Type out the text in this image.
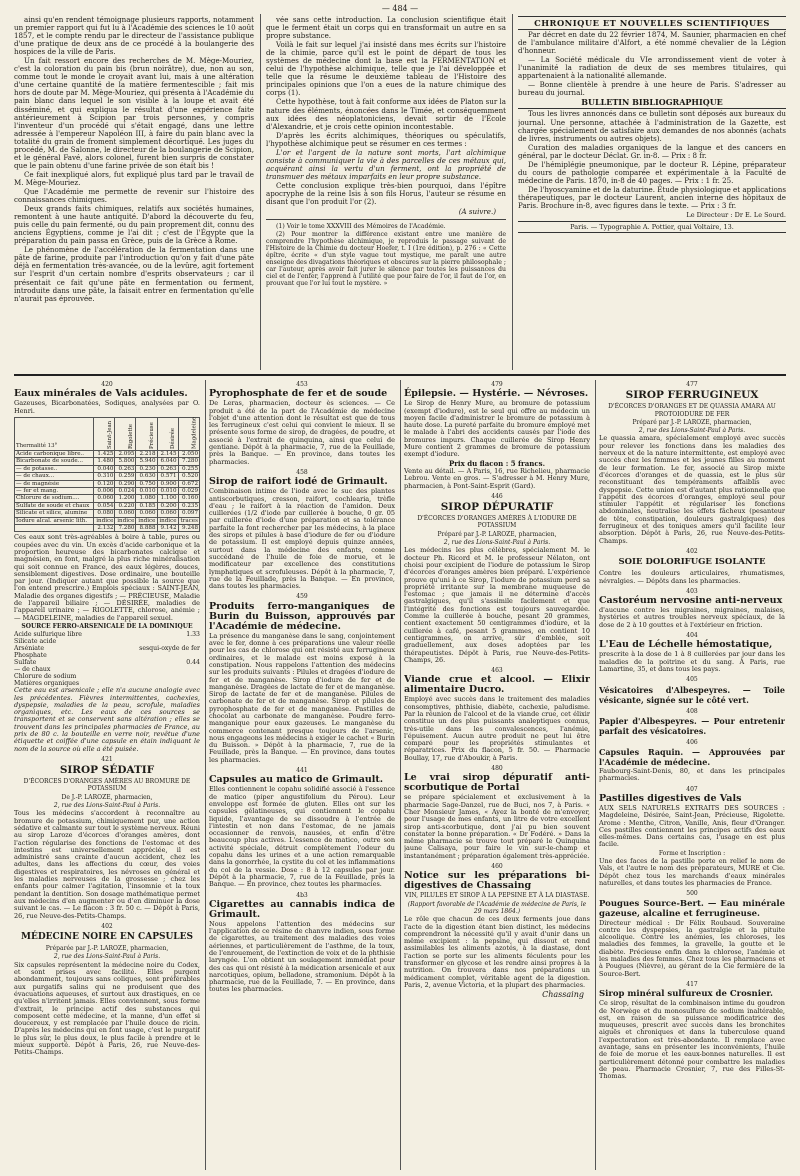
— 484 —

ainsi qu'en rendent témoignage plusieurs rapports, notamment un premier rapport qui fut lu à l'Académie des sciences le 10 août 1857, et le compte rendu par le directeur de l'assistance publique d'une pratique de deux ans de ce procédé à la boulangerie des hospices de la ville de Paris.

Un fait ressort encore des recherches de M. Mège-Mouriez, c'est la coloration du pain bis (brun noirâtre), due, non au son, comme tout le monde le croyait avant lui, mais à une altération d'une certaine quantité de la matière fermentescible ; fait mis hors de doute par M. Mège-Mouriez, qui présenta à l'Académie du pain blanc dans lequel le son visible à la loupe et avait été disséminé, et qui expliqua le résultat d'une expérience faite antérieurement à Scipion par trois personnes, y compris l'inventeur d'un procédé qui s'était engagé, dans une lettre adressée à l'empereur Napoléon III, à faire du pain blanc avec la totalité du grain de froment simplement décortiqué. Les juges du procédé, M. de Salonne, le directeur de la boulangerie de Scipion, et le général Favé, alors colonel, furent bien surpris de constater que le pain obtenu d'une farine privée de son était bis !

Ce fait inexpliqué alors, fut expliqué plus tard par le travail de M. Mège-Mouriez.

Que l'Académie me permette de revenir sur l'histoire des connaissances chimiques.

Deux grands faits chimiques, relatifs aux sociétés humaines, remontent à une haute antiquité. D'abord la découverte du feu, puis celle du pain fermenté, ou du pain proprement dit, connu des anciens Égyptiens, comme je l'ai dit ; c'est de l'Égypte que la préparation du pain passa en Grèce, puis de la Grèce à Rome.

Le phénomène de l'accélération de la fermentation dans une pâte de farine, produite par l'introduction qu'on y fait d'une pâte déjà en fermentation très-avancée, ou de la levûre, agit fortement sur l'esprit d'un certain nombre d'esprits observateurs ; car il présentait ce fait qu'une pâte en fermentation ou ferment, introduite dans une pâte, la faisait entrer en fermentation qu'elle n'aurait pas éprouvée.

vée sans cette introduction. La conclusion scientifique était que le ferment était un corps qui en transformait un autre en sa propre substance.

Voilà le fait sur lequel j'ai insisté dans mes écrits sur l'histoire de la chimie, parce qu'il est le point de départ de tous les systèmes de médecine dont la base est la FERMENTATION et celui de l'hypothèse alchimique, telle que je l'ai développée et telle que la résume le deuxième tableau de l'Histoire des principales opinions que l'on a eues de la nature chimique des corps (1).

Cette hypothèse, tout à fait conforme aux idées de Platon sur la nature des éléments, énoncées dans le Timée, et conséquemment aux idées des néoplatoniciens, devait sortir de l'École d'Alexandrie, et je crois cette opinion incontestable.

D'après les écrits alchimiques, théoriques ou spéculatifs, l'hypothèse alchimique peut se résumer en ces termes :

L'or et l'argent de la nature sont morts, l'art alchimique consiste à communiquer la vie à des parcelles de ces métaux qui, acquérant ainsi la vertu d'un ferment, ont la propriété de transmuer des métaux imparfaits en leur propre substance.

Cette conclusion explique très-bien pourquoi, dans l'épître apocryphe de la reine Isis à son fils Horus, l'auteur se résume en disant que l'on produit l'or (2).

(A suivre.)

(1) Voir le tome XXXVIII des Mémoires de l'Académie.

(2) Pour montrer la différence existant entre une manière de comprendre l'hypothèse alchimique, je reproduis le passage suivant de l'Histoire de la Chimie du docteur Hoefer, t. I (1re édition), p. 276 : « Cette épître, écrite « d'un style vague tout mystique, me paraît une autre enseigne des divagations théoriques et obscures sur la pierre philosophale ; car l'auteur, après avoir fait jurer le silence par toutes les puissances du ciel et de l'enfer, l'apprend à l'utilité que pour faire de l'or, il faut de l'or, en prouvant que l'or lui tout le mystère. »

CHRONIQUE ET NOUVELLES SCIENTIFIQUES

Par décret en date du 22 février 1874, M. Saunier, pharmacien en chef de l'ambulance militaire d'Alfort, a été nommé chevalier de la Légion d'honneur.

— La Société médicale du VIe arrondissement vient de voter à l'unanimité la radiation de deux de ses membres titulaires, qui appartenaient à la nationalité allemande.

— Bonne clientèle à prendre à une heure de Paris. S'adresser au bureau du journal.

BULLETIN BIBLIOGRAPHIQUE

Tous les livres annoncés dans ce bulletin sont déposés aux bureaux du journal. Une personne, attachée à l'administration de la Gazette, est chargée spécialement de satisfaire aux demandes de nos abonnés (achats de livres, instruments ou autres objets).

Curation des maladies organiques de la langue et des cancers en général, par le docteur Déclat. Gr. in-8. — Prix : 8 fr.

De l'hémiplégie pneumonique, par le docteur R. Lépine, préparateur du cours de pathologie comparée et expérimentale à la Faculté de médecine de Paris. 1870, in-8 de 40 pages. — Prix : 1 fr. 25.

De l'hyoscyamine et de la daturine. Étude physiologique et applications thérapeutiques, par le docteur Laurent, ancien interne des hôpitaux de Paris. Brochure in-8, avec figures dans le texte. — Prix : 3 fr.

Le Directeur : Dr E. Le Sourd.
Paris. — Typographie A. Pottier, quai Voltaire, 13.
420
Eaux minérales de Vals acidules.

Gazeuses, Bicarbonatées, Sodiques, analysées par O. Henri.

Thermalité 13°	Saint-Jean	Rigolette	Précieuse	Désirée	Magdeleine
Acide carbonique libre..	1.425	2.095	2.218	2.145	2.050
Bicarbonate de soude...	1.480	5.800	5.940	6.040	7.280
— de potasse..	0.040	0.263	0.230	0.263	0.255
— de chaux...	0.310	0.259	0.630	0.571	0.520
— de magnésie	0.120	0.290	0.750	0.900	0.672
— fer et mang.	0.006	0.024	0.010	0.010	0.029
Chlorure de sodium....	0.060	1.200	1.080	1.100	0.160
Sulfate de soude et chaux	0.054	0.220	0.185	0.200	0.235
Silicate et silice, alumine	0.080	0.060	0.060	0.060	0.097
Iodure alcal. arsenic lith.	indice	indice	indice	indice	traces
	2.132	7.280	8.888	9.142	9.248

Ces eaux sont très-agréables à boire à table, pures ou coupées avec du vin. Un excès d'acide carbonique et la proportion heureuse des bicarbonates calcique et magnésien, en font, malgré la plus riche minéralisation qui soit connue en France, des eaux légères, douces, sensiblement digestives. Dose ordinaire, une bouteille par jour. (Indiquer autant que possible la source que l'on entend prescrire.) Emplois spéciaux : SAINT-JEAN, Maladie des organes digestifs ; — PRÉCIEUSE, Maladie de l'appareil biliaire ; — DÉSIRÉE, maladies de l'appareil urinaire ; — RIGOLETTE, chlorose, anémie ; — MAGDELEINE, maladies de l'appareil sexuel.

SOURCE FERRO-ARSENICALE DE LA DOMINIQUE
Acide sulfurique libre	1.33
Silicate acide
Arséniate	sesqui-oxyde de fer
Phosphate
Sulfate	0.44
— de chaux
Chlorure de sodium
Matières organiques

Cette eau est arsenicale ; elle n'a aucune analogie avec les précédentes. Fièvres intermittentes, cachexies, dyspepsie, maladies de la peau, scrofule, maladies organiques, etc. Les eaux de ces sources se transportent et se conservent sans altération ; elles se trouvent dans les principales pharmacies de France, au prix de 80 c. la bouteille en verre noir, revêtue d'une étiquette et coiffée d'une capsule en étain indiquant le nom de la source où elle a été puisée.

421
SIROP SÉDATIF
D'ÉCORCES D'ORANGES AMÈRES AU BROMURE DE POTASSIUM
De J.-P. LAROZE, pharmacien,
2, rue des Lions-Saint-Paul à Paris.

Tous les médecins s'accordent à reconnaître au bromure de potassium, chimiquement pur, une action sédative et calmante sur tout le système nerveux. Réuni au sirop Laroze d'écorces d'oranges amères, dont l'action régularise des fonctions de l'estomac et des intestins est universellement appréciée, il est administré sans crainte d'aucun accident, chez les adultes, dans les affections du cœur, des voies digestives et respiratoires, les névroses en général et les maladies nerveuses de la grossesse ; chez les enfants pour calmer l'agitation, l'insomnie et la toux pendant la dentition. Son dosage mathématique permet aux médecins d'en augmenter ou d'en diminuer la dose suivant le cas. — Le flacon : 3 fr. 50 c. — Dépôt à Paris, 26, rue Neuve-des-Petits-Champs.

402
MÉDECINE NOIRE EN CAPSULES
Préparée par J.-P. LAROZE, pharmacien,
2, rue des Lions-Saint-Paul à Paris.

Six capsules représentent la médecine noire du Codex, et sont prises avec facilité. Elles purgent abondamment, toujours sans coliques, sont préférables aux purgatifs salins qui ne produisent que des évacuations aqueuses, et surtout aux drastiques, en ce qu'elles n'irritent jamais. Elles conviennent, sous forme d'extrait, le principe actif des substances qui composent cette médecine, et la manne, d'un effet si doucereux, y est remplacée par l'huile douce de ricin. D'après les médecins qui en font usage, c'est le purgatif le plus sûr, le plus doux, le plus facile à prendre et le mieux supporté. Dépôt à Paris, 26, rue Neuve-des-Petits-Champs.

453
Pyrophosphate de fer et de soude

De Leras, pharmacien, docteur ès sciences. — Ce produit a été de la part de l'Académie de médecine l'objet d'une attention dont le résultat est que de tous les ferrugineux c'est celui qui convient le mieux. Il se présente sous forme de sirop, de dragées, de poudre, et associé à l'extrait de quinquina, ainsi que celui de gentiane. Dépôt à la pharmacie, 7, rue de la Feuillade, près la Banque. — En province, dans toutes les pharmacies.

458
Sirop de raifort iodé de Grimault.

Combinaison intime de l'iode avec le suc des plantes antiscorbutiques, cresson, raifort, cochlearia, trèfle d'eau ; le raifort à la réaction de l'amidon. Deux cuillerées (1/2 d'iode par cuillerée à bouche, 0 gr. 05 par cuillerée d'iode d'une préparation et sa tolérance parfaite la font rechercher par les médecins, à la place des sirops et pilules à base d'iodure de fer ou d'iodure de potassium. Il est employé depuis quinze années, surtout dans la médecine des enfants, comme succédané de l'huile de foie de morue, et le modificateur par excellence des constitutions lymphatiques et scrofuleuses. Dépôt à la pharmacie, 7, rue de la Feuillade, près la Banque. — En province, dans toutes les pharmacies.

459
Produits ferro-manganiques de Burin du Buisson, approuvés par l'Académie de médecine.

La présence du manganèse dans le sang, conjointement avec le fer, donne à ces préparations une valeur réelle pour les cas de chlorose qui ont résisté aux ferrugineux ordinaires, et le malade est moins exposé à la constipation. Nous rappelons l'attention des médecins sur les produits suivants : Pilules et dragées d'iodure de fer et de manganèse. Sirop d'iodure de fer et de manganèse. Dragées de lactate de fer et de manganèse. Sirop de lactate de fer et de manganèse. Pilules de carbonate de fer et de manganèse. Sirop et pilules de pyrophosphate de fer et de manganèse. Pastilles de chocolat au carbonate de manganèse. Poudre ferro-manganique pour eaux gazeuses. Le manganèse du commerce contenant presque toujours de l'arsenic, nous engageons les médecins à exiger le cachet « Burin du Buisson. » Dépôt à la pharmacie, 7, rue de la Feuillade, près la Banque. — En province, dans toutes les pharmacies.

441
Capsules au matico de Grimault.

Elles contiennent le copahu solidifié associé à l'essence de matico (piper angustifolium du Pérou). Leur enveloppe est formée de gluten. Elles ont sur les capsules gélatineuses, qui contiennent le copahu liquide, l'avantage de se dissoudre à l'entrée de l'intestin et non dans l'estomac, de ne jamais occasionner de renvois, nausées, et enfin d'être beaucoup plus actives. L'essence de matico, outre son activité spéciale, détruit complètement l'odeur du copahu dans les urines et a une action remarquable dans la gonorrhée, la cystite du col et les inflammations du col de la vessie. Dose : 8 à 12 capsules par jour. Dépôt à la pharmacie, 7, rue de la Feuillade, près la Banque. — En province, chez toutes les pharmacies.

4b3
Cigarettes au cannabis indica de Grimault.

Nous appelons l'attention des médecins sur l'application de ce résine de chanvre indien, sous forme de cigarettes, au traitement des maladies des voies aériennes, et particulièrement de l'asthme, de la toux, de l'enrouement, de l'extinction de voix et de la phthisie laryngée. L'on obtient un soulagement immédiat pour des cas qui ont résisté à la médication arsenicale et aux narcotiques, opium, belladone, stramonium. Dépôt à la pharmacie, rue de la Feuillade, 7. — En province, dans toutes les pharmacies.

479
Épilepsie. — Hystérie. — Névroses.

Le Sirop de Henry Mure, au bromure de potassium (exempt d'iodure), est le seul qui offre au médecin un moyen facile d'administrer le bromure de potassium à haute dose. La pureté parfaite du bromure employé met le malade à l'abri des accidents causés par l'iode des bromures impurs. Chaque cuillerée de Sirop Henry Mure contient 2 grammes de bromure de potassium exempt d'iodure.

Prix du flacon : 5 francs.

Vente au détail. — A Paris, 16, rue Richelieu, pharmacie Lebrou. Vente en gros. — S'adresser à M. Henry Mure, pharmacien, à Pont-Saint-Esprit (Gard).

446
SIROP DÉPURATIF
D'ÉCORCES D'ORANGES AMÈRES À L'IODURE DE POTASSIUM
Préparé par J.-P. LAROZE, pharmacien,
2, rue des Lions-Saint-Paul à Paris.

Les médecins les plus célèbres, spécialement M. le docteur Ph. Ricord et M. le professeur Nélaton, ont choisi pour excipient de l'iodure de potassium le Sirop d'écorces d'oranges amères bien préparé. L'expérience prouve qu'uni à ce Sirop, l'iodure de potassium perd sa propriété irritante sur la membrane muqueuse de l'estomac ; que jamais il ne détermine d'accès gastralgiques, qu'il s'assimile facilement et que l'intégrité des fonctions est toujours sauvegardée. Comme la cuillerée à bouche, pesant 20 grammes, contient exactement 50 centigrammes d'iodure, et la cuillerée à café, pesant 5 grammes, en contient 10 centigrammes, on arrive, sûr d'emblée, soit graduellement, aux doses adoptées par les thérapeutistes. Dépôt à Paris, rue Neuve-des-Petits-Champs, 26.

463
Viande crue et alcool. — Elixir alimentaire Ducro.

Employé avec succès dans le traitement des maladies consomptives, phthisie, diabète, cachexie, paludisme. Par la réunion de l'alcool et de la viande crue, cet élixir constitue un des plus puissants analeptiques connus, très-utile dans les convalescences, l'anémie, l'épuisement. Aucun autre produit ne peut lui être comparé pour les propriétés stimulantes et réparatrices. Prix du flacon, 5 fr. 50. — Pharmacie Boullay, 17, rue d'Aboukir, à Paris.

480
Le vrai sirop dépuratif anti-scorbutique de Portal

se prépare spécialement et exclusivement à la pharmacie Sage-Danzel, rue de Buci, nos 7, à Paris. « Cher Monsieur James, « Ayez la bonté de m'envoyer, pour l'usage de mes enfants, un litre de votre excellent sirop anti-scorbutique, dont j'ai pu bien souvent constater la bonne préparation. « Dr Fodéré. » Dans la même pharmacie se trouve tout préparé le Quinquina jaune Calisaya, pour faire le vin sur-le-champ et instantanément ; préparation également très-appréciée.

460
Notice sur les préparations bi-digestives de Chassaing
VIN, PILULES ET SIROP À LA PEPSINE ET À LA DIASTASE.
(Rapport favorable de l'Académie de médecine de Paris, le 29 mars 1864.)

Le rôle que chacun de ces deux ferments joue dans l'acte de la digestion étant bien distinct, les médecins comprendront la nécessité qu'il y avait d'unir dans un même excipient : la pepsine, qui dissout et rend assimilables les aliments azotés, à la diastase, dont l'action se porte sur les aliments féculents pour les transformer en glycose et les rendre ainsi propres à la nutrition. On trouvera dans nos préparations un médicament complet, véritable agent de la digestion. Paris, 2, avenue Victoria, et la plupart des pharmacies.

Chassaing
477
SIROP FERRUGINEUX
D'ÉCORCES D'ORANGES ET DE QUASSIA AMARA AU PROTOIODURE DE FER
Préparé par J.-P. LAROZE, pharmacien,
2, rue des Lions-Saint-Paul à Paris.

Le quassia amara, spécialement employé avec succès pour relever les fonctions dans les maladies des nerveux et de la nature intermittente, est employé avec succès chez les femmes et les jeunes filles au moment de leur formation. Le fer, associé au Sirop mixte d'écorces d'oranges et de quassia, est le plus sûr reconstituant des tempéraments affaiblis avec dyspepsie. Cette union est d'autant plus rationnelle que l'appétit des écorces d'oranges, employé seul pour stimuler l'appétit et régulariser les fonctions abdominales, neutralise les effets fâcheux (pesanteur de tête, constipation, douleurs gastralgiques) des ferrugineux et des toniques amers qu'il facilite leur absorption. Dépôt à Paris, 26, rue Neuve-des-Petits-Champs.

402
SOIE DOLORIFUGE ISOLANTE

Contre les douleurs articulaires, rhumatismes, névralgies. — Dépôts dans les pharmacies.

403
Castoréum nervosine anti-nerveux

d'aucune contre les migraines, migraines, malaises, hystéries et autres troubles nerveux spéciaux, de la dose de 2 à 10 gouttes et à l'extérieur en friction.

404
L'Eau de Léchelle hémostatique,

prescrite à la dose de 1 à 8 cuillerées par jour dans les maladies de la poitrine et du sang. À Paris, rue Lamartine, 35, et dans tous les pays.

405
Vésicatoires d'Albespeyres. — Toile vésicante, signée sur le côté vert.
408
Papier d'Albespeyres. — Pour entretenir parfait des vésicatoires.
406
Capsules Raquin. — Approuvées par l'Académie de médecine.

Faubourg-Saint-Denis, 80, et dans les principales pharmacies.

407
Pastilles digestives de Vals

AUX SELS NATURELS EXTRAITS DES SOURCES : Magdeleine, Désirée, Saint-Jean, Précieuse, Rigolette. Arome : Menthe, Citron, Vanille, Anis, fleur d'Oranger. Ces pastilles contiennent les principes actifs des eaux elles-mêmes. Dans certains cas, l'usage en est plus facile.

Forme et Inscription :

Une des faces de la pastille porte en relief le nom de Vals, et l'autre le nom des préparateurs, MURE et Cie. Dépôt chez tous les marchands d'eaux minérales naturelles, et dans toutes les pharmacies de France.

500
Pougues Source-Bert. — Eau minérale gazeuse, alcaline et ferrugineuse.

Directeur médical : Dr Félix Roubaud. Souveraine contre les dyspepsies, la gastralgie et la pituite alcoolique. Contre les anémies, les chloroses, les maladies des femmes, la gravelle, la goutte et le diabète. Précieuse enfin dans la chlorose, l'anémie et les maladies des femmes. Chez tous les pharmaciens et à Pougues (Nièvre), au gérant de la Cie fermière de la Source-Bert.

417
Sirop minéral sulfureux de Crosnier.

Ce sirop, résultat de la combinaison intime du goudron de Norwège et du monosulfure de sodium inaltérable, est, en raison de sa puissance modificatrice des muqueuses, prescrit avec succès dans les bronchites aiguës et chroniques et dans la tuberculose quand l'expectoration est très-abondante. Il remplace avec avantage, sans en présenter les inconvénients, l'huile de foie de morue et les eaux-bonnes naturelles. Il est particulièrement détonné pour combattre les maladies de peau. Pharmacie Crosnier, 7, rue des Filles-St-Thomas.
